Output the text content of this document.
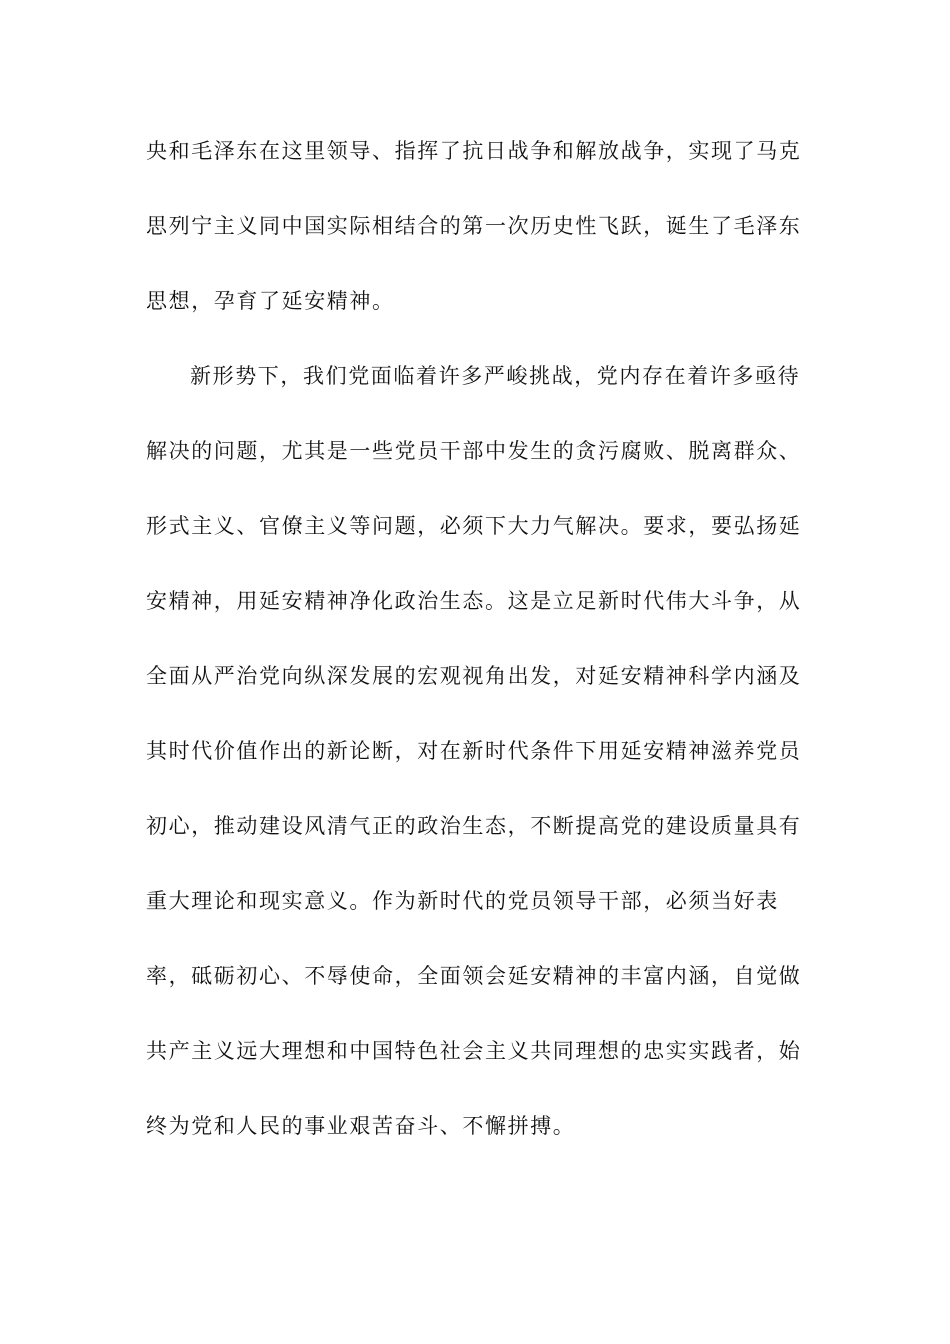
央和毛泽东在这里领导、指挥了抗日战争和解放战争，实现了马克
思列宁主义同中国实际相结合的第一次历史性飞跃，诞生了毛泽东
思想，孕育了延安精神。
新形势下，我们党面临着许多严峻挑战，党内存在着许多亟待
解决的问题，尤其是一些党员干部中发生的贪污腐败、脱离群众、
形式主义、官僚主义等问题，必须下大力气解决。要求，要弘扬延
安精神，用延安精神净化政治生态。这是立足新时代伟大斗争，从
全面从严治党向纵深发展的宏观视角出发，对延安精神科学内涵及
其时代价值作出的新论断，对在新时代条件下用延安精神滋养党员
初心，推动建设风清气正的政治生态，不断提高党的建设质量具有
重大理论和现实意义。作为新时代的党员领导干部，必须当好表
率，砥砺初心、不辱使命，全面领会延安精神的丰富内涵，自觉做
共产主义远大理想和中国特色社会主义共同理想的忠实实践者，始
终为党和人民的事业艰苦奋斗、不懈拼搏。
